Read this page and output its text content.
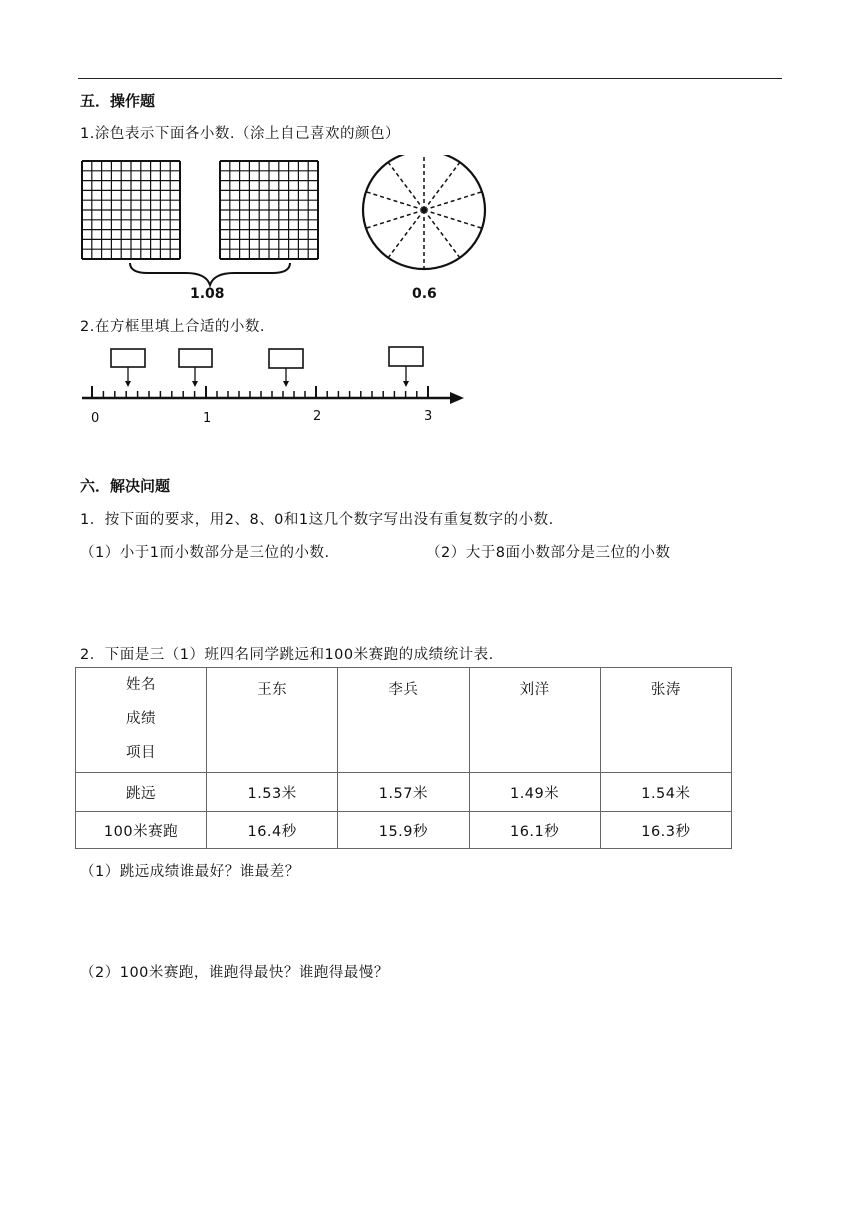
五．操作题
1.涂色表示下面各小数.（涂上自己喜欢的颜色）
1.08	0.6
2.在方框里填上合适的小数.
0	1	2	3
六．解决问题
1．按下面的要求，用2、8、0和1这几个数字写出没有重复数字的小数.
（1）小于1而小数部分是三位的小数.	（2）大于8面小数部分是三位的小数
2．下面是三（1）班四名同学跳远和100米赛跑的成绩统计表.
姓名
成绩
项目	王东	李兵	刘洋	张涛
跳远	1.53米	1.57米	1.49米	1.54米
100米赛跑	16.4秒	15.9秒	16.1秒	16.3秒
（1）跳远成绩谁最好？谁最差？
（2）100米赛跑，谁跑得最快？谁跑得最慢？
